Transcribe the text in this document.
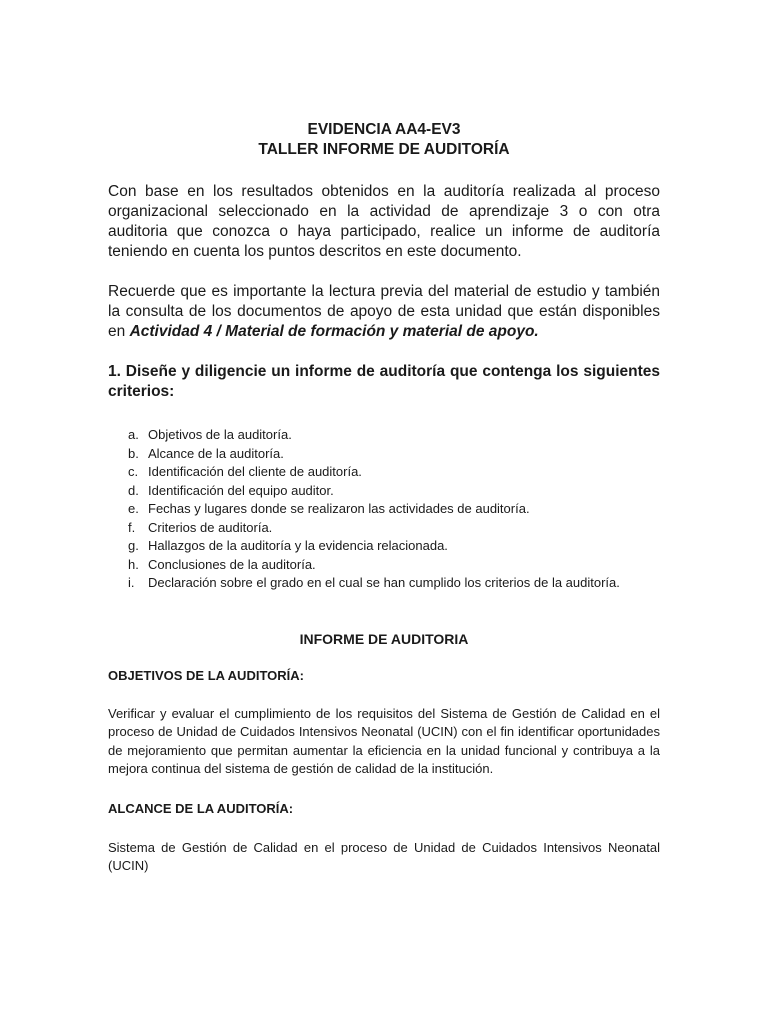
EVIDENCIA AA4-EV3

TALLER INFORME DE AUDITORÍA

Con base en los resultados obtenidos en la auditoría realizada al proceso organizacional seleccionado en la actividad de aprendizaje 3 o con otra auditoria que conozca o haya participado, realice un informe de auditoría teniendo en cuenta los puntos descritos en este documento.

Recuerde que es importante la lectura previa del material de estudio y también la consulta de los documentos de apoyo de esta unidad que están disponibles en Actividad 4 / Material de formación y material de apoyo.

1. Diseñe y diligencie un informe de auditoría que contenga los siguientes criterios:

a. Objetivos de la auditoría.
b. Alcance de la auditoría.
c. Identificación del cliente de auditoría.
d. Identificación del equipo auditor.
e. Fechas y lugares donde se realizaron las actividades de auditoría.
f. Criterios de auditoría.
g. Hallazgos de la auditoría y la evidencia relacionada.
h. Conclusiones de la auditoría.
i.	Declaración sobre el grado en el cual se han cumplido los criterios de la auditoría.
INFORME DE AUDITORIA
OBJETIVOS DE LA AUDITORÍA:
Verificar y evaluar el cumplimiento de los requisitos del Sistema de Gestión de Calidad en el proceso de Unidad de Cuidados Intensivos Neonatal (UCIN) con el fin identificar oportunidades de mejoramiento que permitan aumentar la eficiencia en la unidad funcional y contribuya a la mejora continua del sistema de gestión de calidad de la institución.
ALCANCE DE LA AUDITORÍA:
Sistema de Gestión de Calidad en el proceso de Unidad de Cuidados Intensivos Neonatal (UCIN)
